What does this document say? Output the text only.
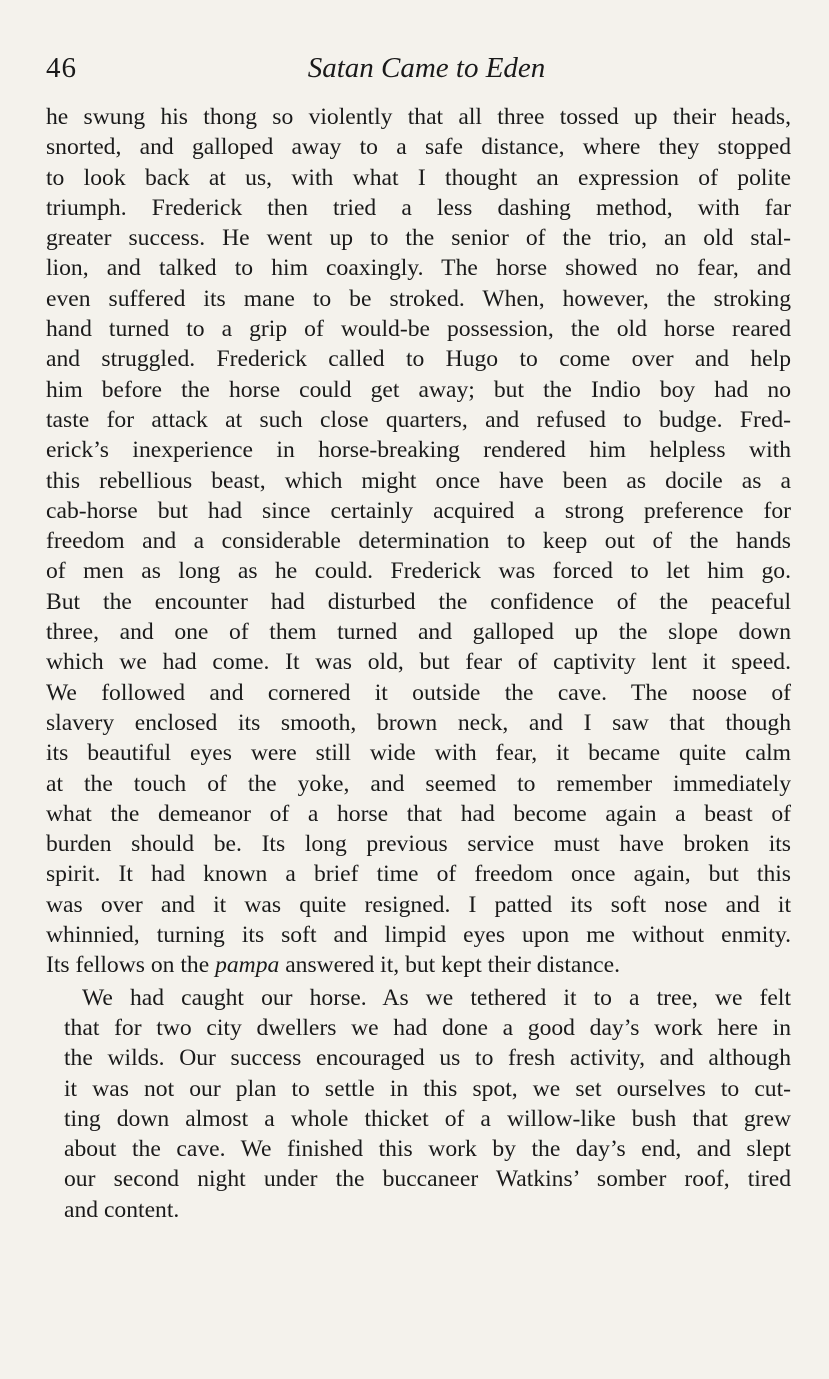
46	Satan Came to Eden

he swung his thong so violently that all three tossed up their heads,
snorted, and galloped away to a safe distance, where they stopped
to look back at us, with what I thought an expression of polite
triumph. Frederick then tried a less dashing method, with far
greater success. He went up to the senior of the trio, an old stal-
lion, and talked to him coaxingly. The horse showed no fear, and
even suffered its mane to be stroked. When, however, the stroking
hand turned to a grip of would-be possession, the old horse reared
and struggled. Frederick called to Hugo to come over and help
him before the horse could get away; but the Indio boy had no
taste for attack at such close quarters, and refused to budge. Fred-
erick’s inexperience in horse-breaking rendered him helpless with
this rebellious beast, which might once have been as docile as a
cab-horse but had since certainly acquired a strong preference for
freedom and a considerable determination to keep out of the hands
of men as long as he could. Frederick was forced to let him go.
But the encounter had disturbed the confidence of the peaceful
three, and one of them turned and galloped up the slope down
which we had come. It was old, but fear of captivity lent it speed.
We followed and cornered it outside the cave. The noose of
slavery enclosed its smooth, brown neck, and I saw that though
its beautiful eyes were still wide with fear, it became quite calm
at the touch of the yoke, and seemed to remember immediately
what the demeanor of a horse that had become again a beast of
burden should be. Its long previous service must have broken its
spirit. It had known a brief time of freedom once again, but this
was over and it was quite resigned. I patted its soft nose and it
whinnied, turning its soft and limpid eyes upon me without enmity.
Its fellows on the pampa answered it, but kept their distance.

We had caught our horse. As we tethered it to a tree, we felt
that for two city dwellers we had done a good day’s work here in
the wilds. Our success encouraged us to fresh activity, and although
it was not our plan to settle in this spot, we set ourselves to cut-
ting down almost a whole thicket of a willow-like bush that grew
about the cave. We finished this work by the day’s end, and slept
our second night under the buccaneer Watkins’ somber roof, tired
and content.
